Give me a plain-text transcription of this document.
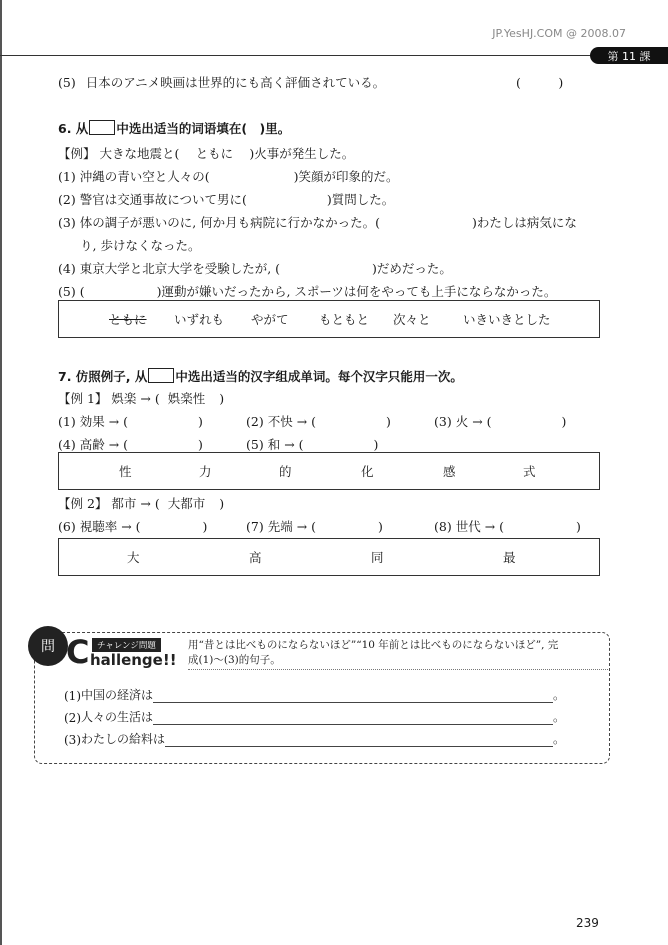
JP.YesHJ.COM @ 2008.07
第 11 課
(5) 日本のアニメ映画は世界的にも高く評価されている。	(　　　)
6. 从 中选出适当的词语填在(　)里。
【例】 大きな地震と( ともに )火事が発生した。
(1) 沖縄の青い空と人々の(	)笑顔が印象的だ。
(2) 警官は交通事故について男に(	)質問した。
(3) 体の調子が悪いのに, 何か月も病院に行かなかった。(	)わたしは病気にな
り, 歩けなくなった。
(4) 東京大学と北京大学を受験したが, (	)だめだった。
(5) (	)運動が嫌いだったから, スポーツは何をやっても上手にならなかった。
ともに いずれも やがて もともと 次々と	いきいきとした
7. 仿照例子, 从 中选出适当的汉字组成单词。每个汉字只能用一次。
【例 1】 娯楽 → ( 娯楽性 )
(1) 効果 → (	)	(2) 不快 → (	)	(3) 火 → (	)
(4) 高齢 → (	)	(5) 和 → (	)
性	力	的	化	感	式
【例 2】 都市 → ( 大都市 )
(6) 視聴率 → (	)	(7) 先端 → (	)	(8) 世代 → (	)
大	高	同	最
問 C チャレンジ問題
hallenge!!
用“昔とは比べものにならないほど”“10 年前とは比べものにならないほど”, 完
成(1)～(3)的句子。
(1) 中国の経済は	。
(2) 人々の生活は	。
(3) わたしの給料は	。
239
